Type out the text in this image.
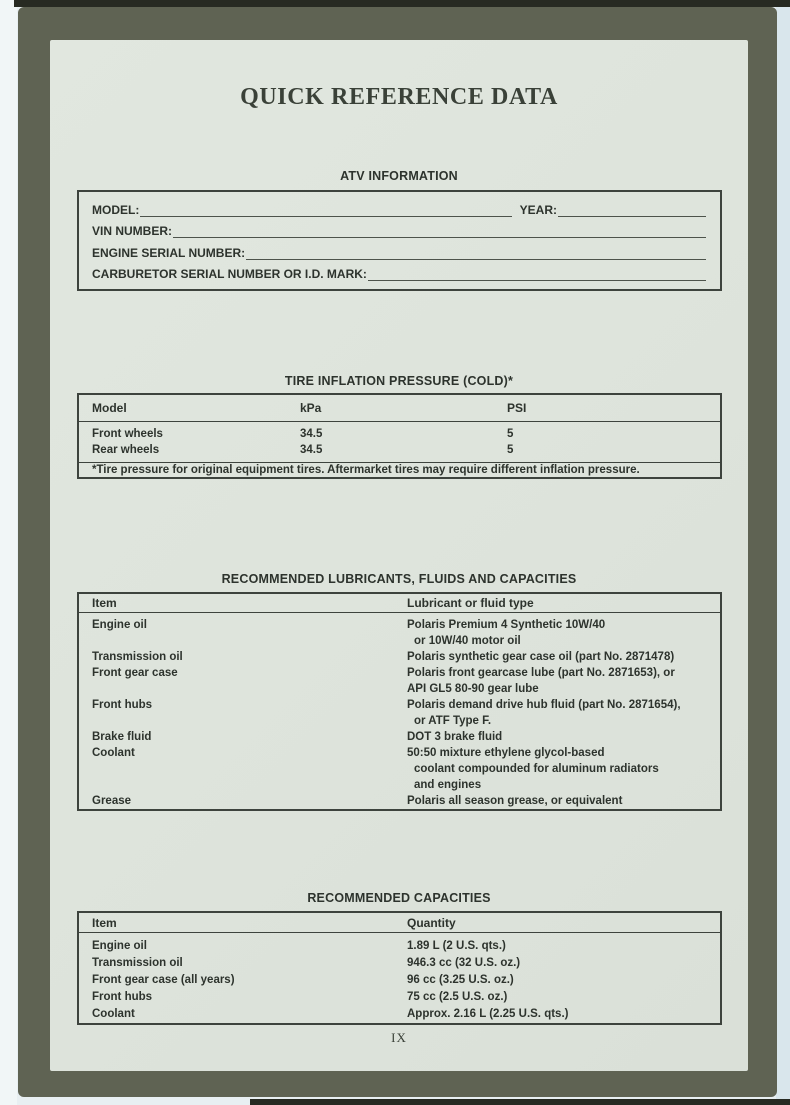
QUICK REFERENCE DATA
ATV INFORMATION
MODEL:	YEAR:
VIN NUMBER:
ENGINE SERIAL NUMBER:
CARBURETOR SERIAL NUMBER OR I.D. MARK:
TIRE INFLATION PRESSURE (COLD)*
Model	kPa	PSI
Front wheels	34.5	5
Rear wheels	34.5	5
*Tire pressure for original equipment tires. Aftermarket tires may require different inflation pressure.
RECOMMENDED LUBRICANTS, FLUIDS AND CAPACITIES
Item	Lubricant or fluid type
Engine oil	Polaris Premium 4 Synthetic 10W/40
or 10W/40 motor oil
Transmission oil	Polaris synthetic gear case oil (part No. 2871478)
Front gear case	Polaris front gearcase lube (part No. 2871653), or
API GL5 80-90 gear lube
Front hubs	Polaris demand drive hub fluid (part No. 2871654),
or ATF Type F.
Brake fluid	DOT 3 brake fluid
Coolant	50:50 mixture ethylene glycol-based
coolant compounded for aluminum radiators
and engines
Grease	Polaris all season grease, or equivalent
RECOMMENDED CAPACITIES
Item	Quantity
Engine oil	1.89 L (2 U.S. qts.)
Transmission oil	946.3 cc (32 U.S. oz.)
Front gear case (all years)	96 cc (3.25 U.S. oz.)
Front hubs	75 cc (2.5 U.S. oz.)
Coolant	Approx. 2.16 L (2.25 U.S. qts.)
IX
